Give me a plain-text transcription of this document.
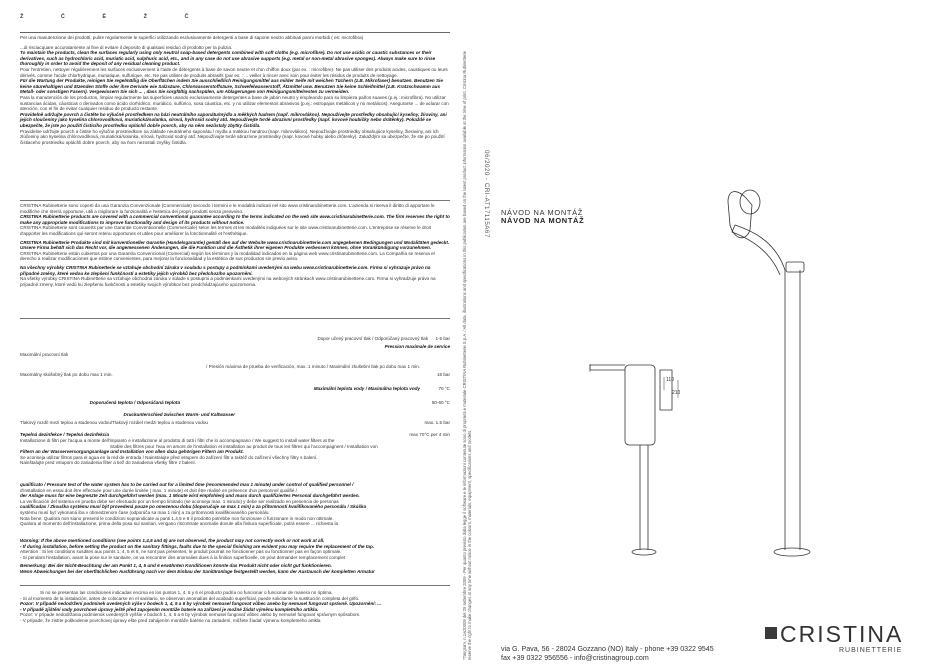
Ž Č Ě Ž Č

Per una manutenzione dei prodotti, pulire regolarmente le superfici utilizzando esclusivamente detergenti a base di sapone neutro abbinati panni morbidi ( es: microfibra)

...di risciacquare accuratamente al fine di evitare il deposito di qualsiasi residuo di prodotto per la pulizia.

To maintain the products, clean the surfaces regularly using only neutral soap-based detergents combined with soft cloths (e.g. microfibre). Do not use acidic or caustic substances or their derivatives, such as hydrochloric acid, muriatic acid, sulphuric acid, etc., and in any case do not use abrasive supports (e.g. metal or non-metal abrasive sponges). Always make sure to rinse thoroughly in order to avoid the deposit of any residual cleaning product.

Pour l'entretien, nettoyer régulièrement les surfaces exclusivement à l'aide de détergents à base de savon neutre et d'un chiffon doux (par ex. : microfibre). Ne pas utiliser des produits acides, caustiques ou leurs dérivés, comme l'acide chlorhydrique, muriatique, sulfurique, etc. Ne pas utiliser de produits abrasifs (par ex. : ... veiller à rincer avec soin pour éviter les résidus de produits de nettoyage.

Für die Wartung der Produkte, reinigen Sie regelmäßig die Oberflächen indem Sie ausschließlich Reinigungsmittel aus milder Seife mit weichen Tüchern (z.B. Mikrofaser) benutzen. Benutzen Sie keine säurehaltigen und ätzenden Stoffe oder ihre Derivate wie Salzsäure, Chlorwasserstoffsäure, Schwefelwasserstoff, Ätzmittel usw. Benutzen Sie keine Schleifmittel (z.B. Kratzschwamm aus Metall- oder sonstigen Fasern). Vergewissern Sie sich ... , dass Sie sorgfältig nachspülen, um Ablagerungen von Reinigungsmittelresten zu vermeiden.

Para la manutención de los productos, limpiar regularmente las superficies usando exclusivamente detergentes a base de jabón neutro y empleando para su limpieza paños suaves (p.ej.: microfibra). No utilizar sustancias ácidas, cáusticas o derivados como ácido clorhídrico, muriático, sulfúrico, sosa cáustica, etc. y no utilizar elementos abrasivos (p.ej.: estropajos metálicos y no metálicos). Asegurarse ... de aclarar con atención, con el fin de evitar cualquier residuo de producto restante.

Pravidelně udržujte povrch a čistěte ho výlučně prostředkem na bázi neutrálního saponátu/mýdla a měkkých hadrem (např. mikrovlákno). Nepoužívejte prostředky obsahující kyseliny, žíraviny, ani jejich sloučeniny jako kyselina chlorovodíková, muriatická/solanka, sírová, hydroxid sodný atd. Nepoužívejte tvrdé abrazivní prostředky (např. kovové houbičky nebo drátěnky). Pokaždé se ubezpečte, že jste po použití čisticího prostředku opláchli dobře povrch, aby na něm nezůstaly zbytky čistidla.

Pravidelne udržujte povrch a čistite ho výlučne prostriedkom na základe neutrálneho saponátu / mydla a mäkkou handrou (napr. mikrovlákno). Nepoužívajte prostriedky obsahujúce kyseliny, žieraviny, ani ich zlúčeniny ako kyselina chlórovodíková, muriatická/solanka, sírová, hydroxid sodný atď. Nepoužívajte tvrdé abrazívne prostriedky (napr. kovové hubky alebo drôtenky). Zakaždým sa ubezpečte, že ste po použití čistiaceho prostriedku opláchli dobre povrch, aby na ňom nezostali zvyšky čistidla.

CRISTINA Rubinetterie sono coperti da una Garanzia Convenzionale (Commerciale) secondo i termini e le modalità indicati nel sito www.cristinarubinetterie.com. L'azienda si riserva il diritto di apportare le modifiche che riterrà opportune, utili a migliorare la funzionalità e l'estetica dei propri prodotti senza preavviso.

CRISTINA Rubinetterie products are covered with a commercial conventional guarantee according to the terms indicated on the web site www.cristinarubinetterie.com. The firm reserves the right to make any appropriate modifications to improve functionality and design of its products without notice.

CRISTINA Rubinetterie sont couverts par une Garantie Conventionnelle (Commerciale) selon les termes et les modalités indiquées sur le site www.cristinarubinetterie.com. L'entreprise se réserve le droit d'apporter les modifications qui seront retenu opportunes et utiles pour améliorer la fonctionnalité et l'esthétique.

CRISTINA Rubinetterie Produkte sind mit konventioneller Garantie (Handelsgarantie) gemäß den auf der Website www.cristinarubinetterie.com angegebenen Bedingungen und Modalitäten gedeckt. Unsere Firma behält sich das Recht vor, die angemessenen Änderungen, die die Funktion und die Ästhetik ihrer eigenen Produkte verbessern können, ohne Vorankündigung vorzunehmen.

CRISTINA Rubinetterie están cubiertos por una Garantía Convencional (Comercial) según los términos y la modalidad indicados en la página web www.cristinarubinetterie.com. La Compañía se reserva el derecho a realizar modificaciones que estime convenientes, para mejorar la funcionalidad y la estética de sus productos sin previo aviso.

Na všechny výrobky CRISTINA Rubinetterie se vztahuje obchodní záruka v souladu s postupy a podmínkami uvedenými na webu www.cristinarubinetterie.com. Firma si vyhrazuje právo na případné změny, které vedou ke zlepšení funkčnosti a estetiky jejích výrobků bez předchozího upozornění.

Na všetky výrobky CRISTINA Rubinetterie sa vzťahuje obchodná záruka v súlade s postupmi a podmienkami uvedenými na webových stránkach www.cristinarubinetterie.com. Firma si vyhradzuje právo na prípadné zmeny, ktoré vedú ku zlepšeniu funkčnosti a estetiky svojich výrobkov bez predchádzajúceho upozornenia.

Dopor učený pracovní tlak / Odporúčaný pracovný tlak 1-5 bar
Pression maximale de service
Maximální pracovní tlak
/ Presión máxima de prueba de verificación, max. 1 minuto / Maximální zkušební tlak po dobu max 1 min.
Maximálny skúšobný tlak po dobu max 1 min.	16 bar
Maximální teplota vody / Maximálna teplota vody	70 °C
Doporučená teplota / Odporúčaná teplota	50-60 °C
Druckunterschied zwischen Warm- und Kaltwasser
Tlakový rozdíl mezi teplou a studenou vodou/Tlakový rozdiel medzi teplou a studenou vodou	max. 1.5 bar
Tepelná dezinfekce / Tepelná dezinfekcia	max 70°C per 4 min

Installazione di filtri per l'acqua a monte dell'impianto e installazione al prodotto di tutti i filtri che lo accompagnano / We suggest to install water filters at the

Stable des filtres pour l'eau en amont de l'installation et installation au produit de tous les filtres qui l'accompagnent / Installation von

Filtern an der Wasserversorgungsanlage und Installation von allen dazu gehörigen Filtern am Produkt.

Se aconseja utilizar filtros para el agua en la red de entrada / Nainstalujte před vstupem do zařízení filtr a taktéž do zařízení všechny filtry s balení.

Nainštalujte pred vstupom do zariadenia filter a tiež do zariadenia všetky filtre z balení.

qualificato / Pressure test of the water system has to be carried out for a limited time (recommended max 1 minute) under control of qualified personnel /

d'installation en essai doit être effectuée pour une durée limitée ( max. 1 minute) et doit être réalisé en présence d'un personnel qualifié /

der Anlage muss für eine begrenzte Zeit durchgeführt werden (max. 1 Minute wird empfohlen) und muss durch qualifiziertes Personal durchgeführt werden.

La verificación del sistema en prueba debe ser efectuado por un tiempo limitado (se aconseja max. 1 minuto) y debe ser realizado en presencia de personas

cualificadas / Zkouška systému musí být provedená pouze po omezenou dobu (doporučuje se max 1 min) a za přítomnosti kvalifikovaného personálu / Skúška

systému musí byť vykonaná iba v obmedzenom čase (odporúča sa max 1 min) a za prítomnosti kvalifikovaného personálu.

Nota bene: Qualora non siano presenti le condizioni sopraindicate ai punti 1,4,5 e 6 il prodotto potrebbe non funzionare o funzionare in modo non ottimale.

Qualora al momento dell'installazione, prima della posa sui sanitari, vengano riscontrate anomalie dovute alla finitura superficiale, potrà essere ... richiesta la

Warning: If the above mentioned conditions (see points 1,4,5 and 6) are not observed, the product may not correctly work or not work at all.

- If during installation, before setting the product on the sanitary fittings, faults due to the special finishing are evident you may require the replacement of the tap.

Attention : Si les conditions susdites aux points 1, 4, 5 et 6, ne sont pas présentes, le produit pourrait ne fonctionner pas ou fonctionner pas en façon optimale.

- Si pendant l'installation, avant la pose sur le sanitaire, on va rencontrer des anomalies dues à la finition superficielle, on peut demander remplacement complet

Bemerkung: Bei der Nicht-Beachtung der am Punkt 1, 4, 5 und 6 erwähnten Konditionen könnte das Produkt nicht oder nicht gut funktionieren.

Wenn Abweichungen bei der oberflächlichen Ausführung nach vor dem Einbau der Sanitäranlage festgestellt werden, kann der Austausch der kompletten Armatur

Si no se presentan las condiciones indicadas encima en los puntos 1, 4, 5 y 6 el producto podría no funcionar o funcionar de manera no óptima.

- Si al momento de la instalación, antes de colocarse en el sanitario, se observan anomalías del acabado superficial, puede solicitarse la sustitución completa del grifo.

Pozor: V případě nedodržení podmínek uvedených výše v bodech 1, 4, 5 a 6 by výrobek nemusel fungovat vůbec anebo by nemusel fungovat správně. Upozornění: ...

- V případě zjištění vady povrchové úpravy ještě před zapojením montáže baterie na zařízení je možné žádat výměnu kompletního artiklu.

Pozor: V prípade nedodržania podmienok uvedených vyššie v bodoch 1, 4, 5 a 6 by výrobok nemusel fungovať vôbec alebo by nemusel fungovať správnym spôsobom.

- V prípade, že zistíte poškodenie povrchovej úpravy ešte pred zahájením montáže batérie na zariadení, môžete žiadať výmenu kompletného artikla

06/2020 - CRI-AT17115A67
*Tangram, n.1w20009 del 25 settembre 2009 - Per quanto previsto dalla legge il software e le informazioni contenute sono di proprietà e materiale CRISTINA Rubinetterie S.p.A. / All data, illustrations and specifications in this publication are based on the latest product information available at the time of print. Cristina Rubinetterie reserve the right to make changes at any time without notice in the colours, materials, equipment, specifications and models.
NÁVOD NA MONTÁŽ
NÁVOD NA MONTÁŽ
110
210
CRISTINA
RUBINETTERIE
via G. Pava, 56 - 28024 Gozzano (NO) Italy - phone +39 0322 9545
fax +39 0322 956556 - info@cristinagroup.com
